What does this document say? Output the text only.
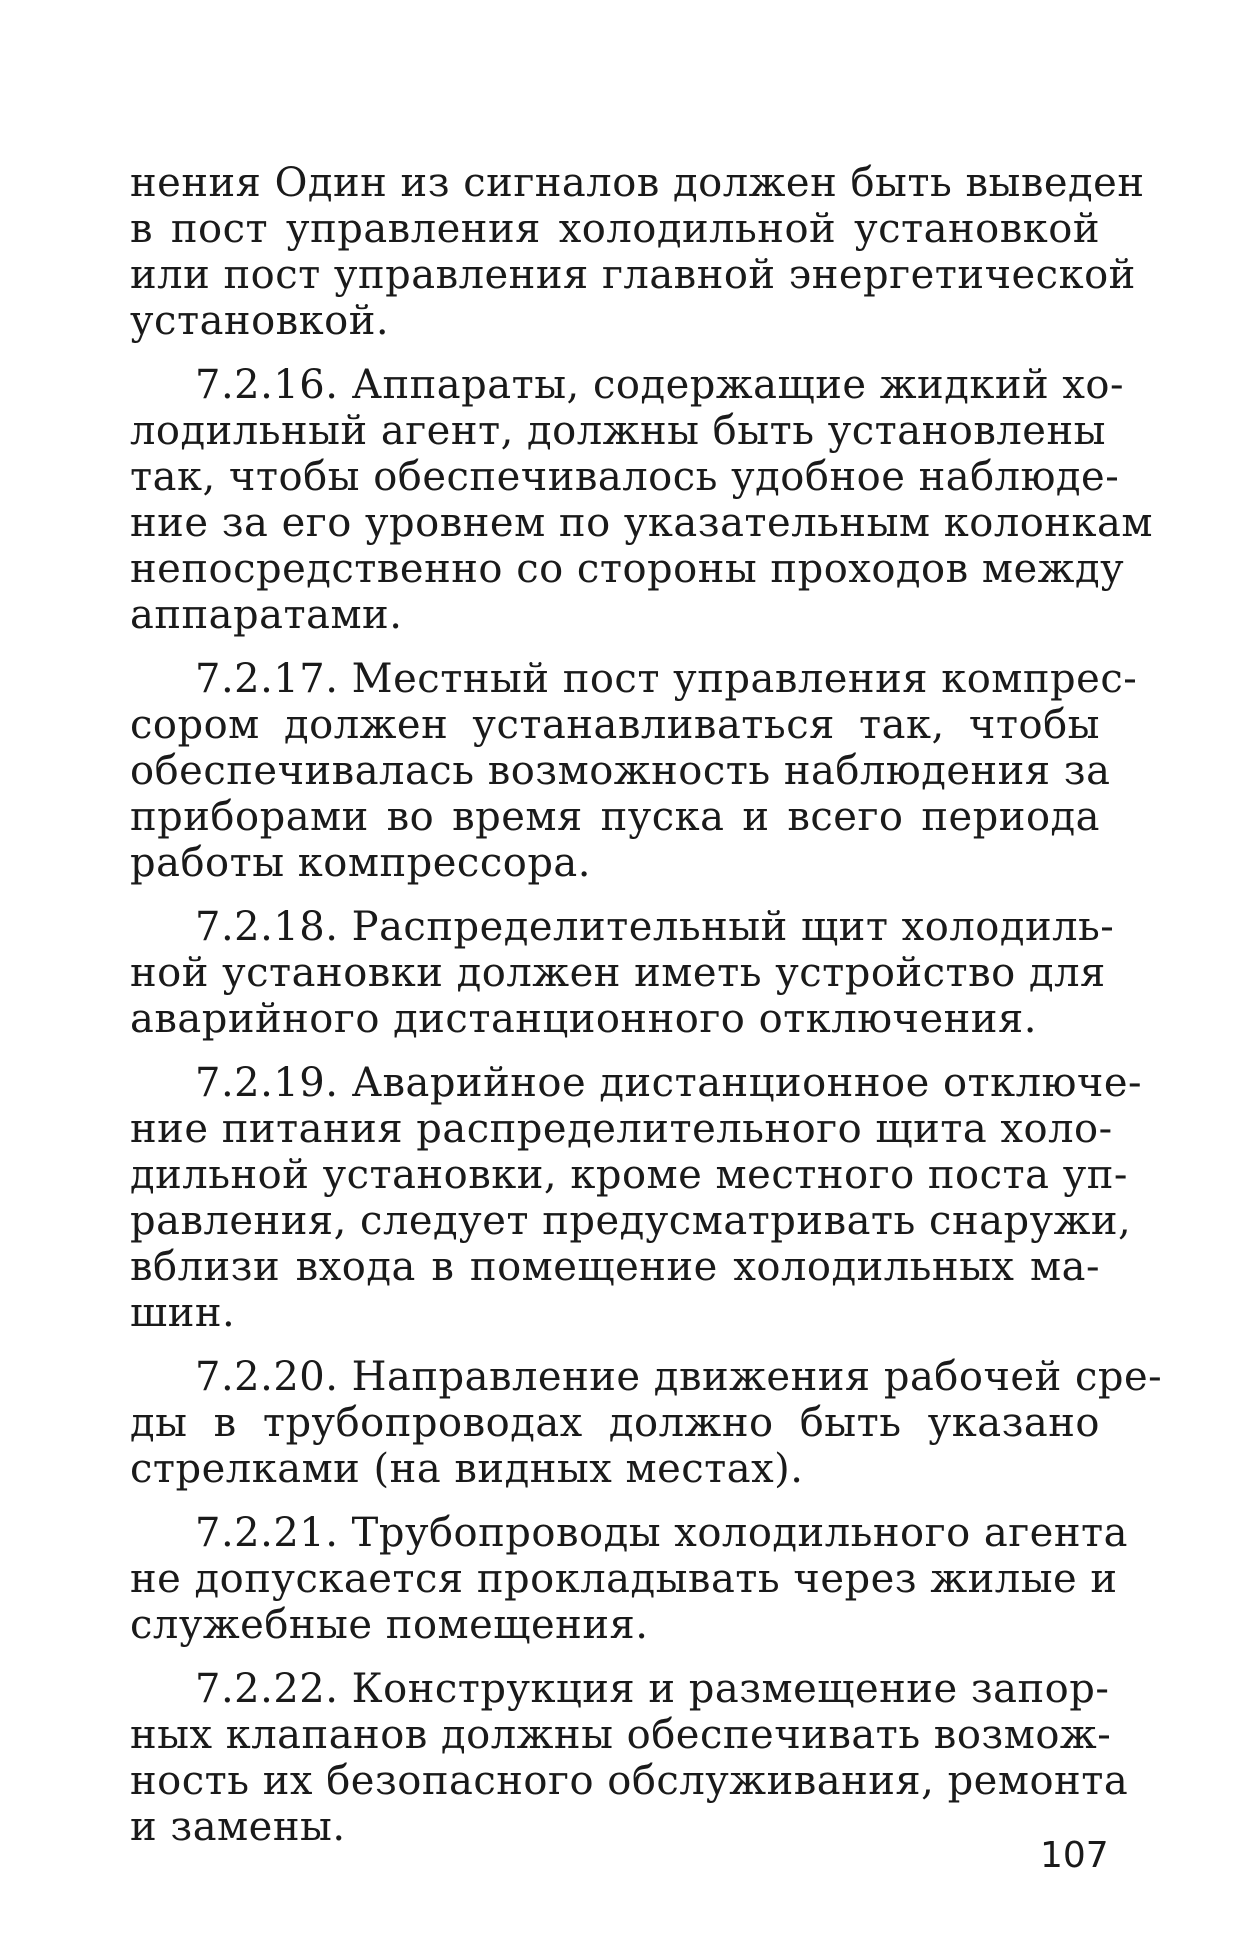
нения Один из сигналов должен быть выведен
в пост управления холодильной установкой
или пост управления главной энергетической
установкой.
7.2.16. Аппараты, содержащие жидкий хо-
лодильный агент, должны быть установлены
так, чтобы обеспечивалось удобное наблюде-
ние за его уровнем по указательным колонкам
непосредственно со стороны проходов между
аппаратами.
7.2.17. Местный пост управления компрес-
сором должен устанавливаться так, чтобы
обеспечивалась возможность наблюдения за
приборами во время пуска и всего периода
работы компрессора.
7.2.18. Распределительный щит холодиль-
ной установки должен иметь устройство для
аварийного дистанционного отключения.
7.2.19. Аварийное дистанционное отключе-
ние питания распределительного щита холо-
дильной установки, кроме местного поста уп-
равления, следует предусматривать снаружи,
вблизи входа в помещение холодильных ма-
шин.
7.2.20. Направление движения рабочей сре-
ды в трубопроводах должно быть указано
стрелками (на видных местах).
7.2.21. Трубопроводы холодильного агента
не допускается прокладывать через жилые и
служебные помещения.
7.2.22. Конструкция и размещение запор-
ных клапанов должны обеспечивать возмож-
ность их безопасного обслуживания, ремонта
и замены.
107
